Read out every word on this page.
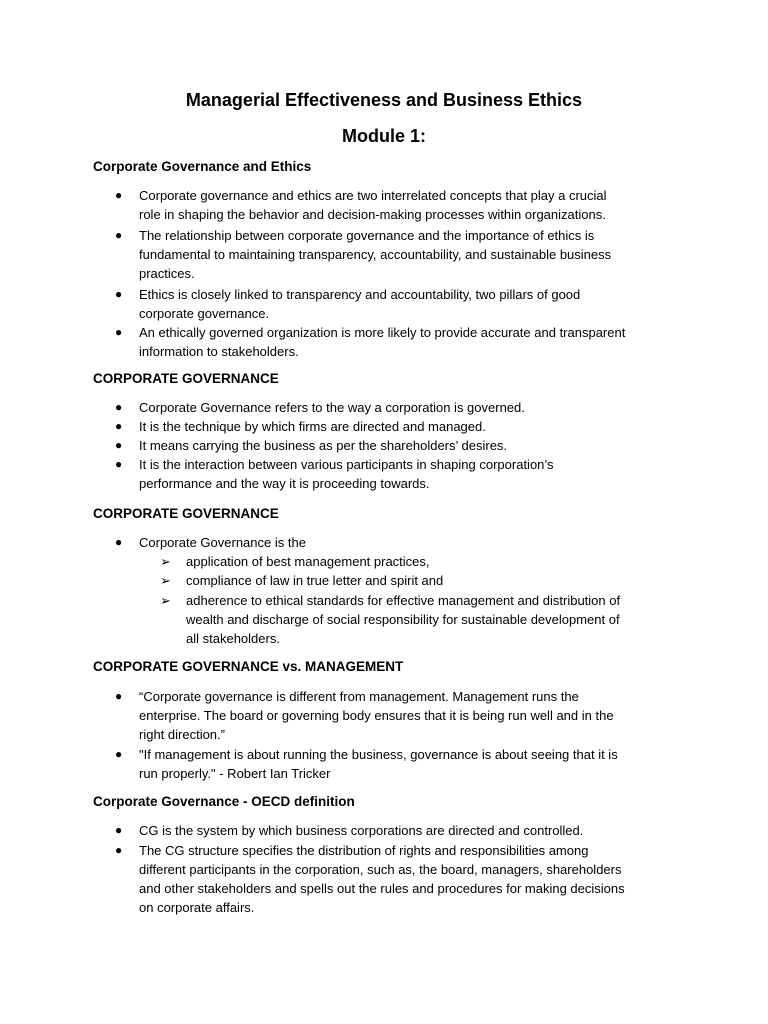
Managerial Effectiveness and Business Ethics
Module 1:
Corporate Governance and Ethics
● Corporate governance and ethics are two interrelated concepts that play a crucial
role in shaping the behavior and decision-making processes within organizations.
● The relationship between corporate governance and the importance of ethics is
fundamental to maintaining transparency, accountability, and sustainable business
practices.
● Ethics is closely linked to transparency and accountability, two pillars of good
corporate governance.
● An ethically governed organization is more likely to provide accurate and transparent
information to stakeholders.
CORPORATE GOVERNANCE
● Corporate Governance refers to the way a corporation is governed.
● It is the technique by which firms are directed and managed.
● It means carrying the business as per the shareholders’ desires.
● It is the interaction between various participants in shaping corporation’s
performance and the way it is proceeding towards.
CORPORATE GOVERNANCE
● Corporate Governance is the
➢ application of best management practices,
➢ compliance of law in true letter and spirit and
➢ adherence to ethical standards for effective management and distribution of
wealth and discharge of social responsibility for sustainable development of
all stakeholders.
CORPORATE GOVERNANCE vs. MANAGEMENT
● “Corporate governance is different from management. Management runs the
enterprise. The board or governing body ensures that it is being run well and in the
right direction.”
● "If management is about running the business, governance is about seeing that it is
run properly." - Robert Ian Tricker
Corporate Governance - OECD definition
● CG is the system by which business corporations are directed and controlled.
● The CG structure specifies the distribution of rights and responsibilities among
different participants in the corporation, such as, the board, managers, shareholders
and other stakeholders and spells out the rules and procedures for making decisions
on corporate affairs.
